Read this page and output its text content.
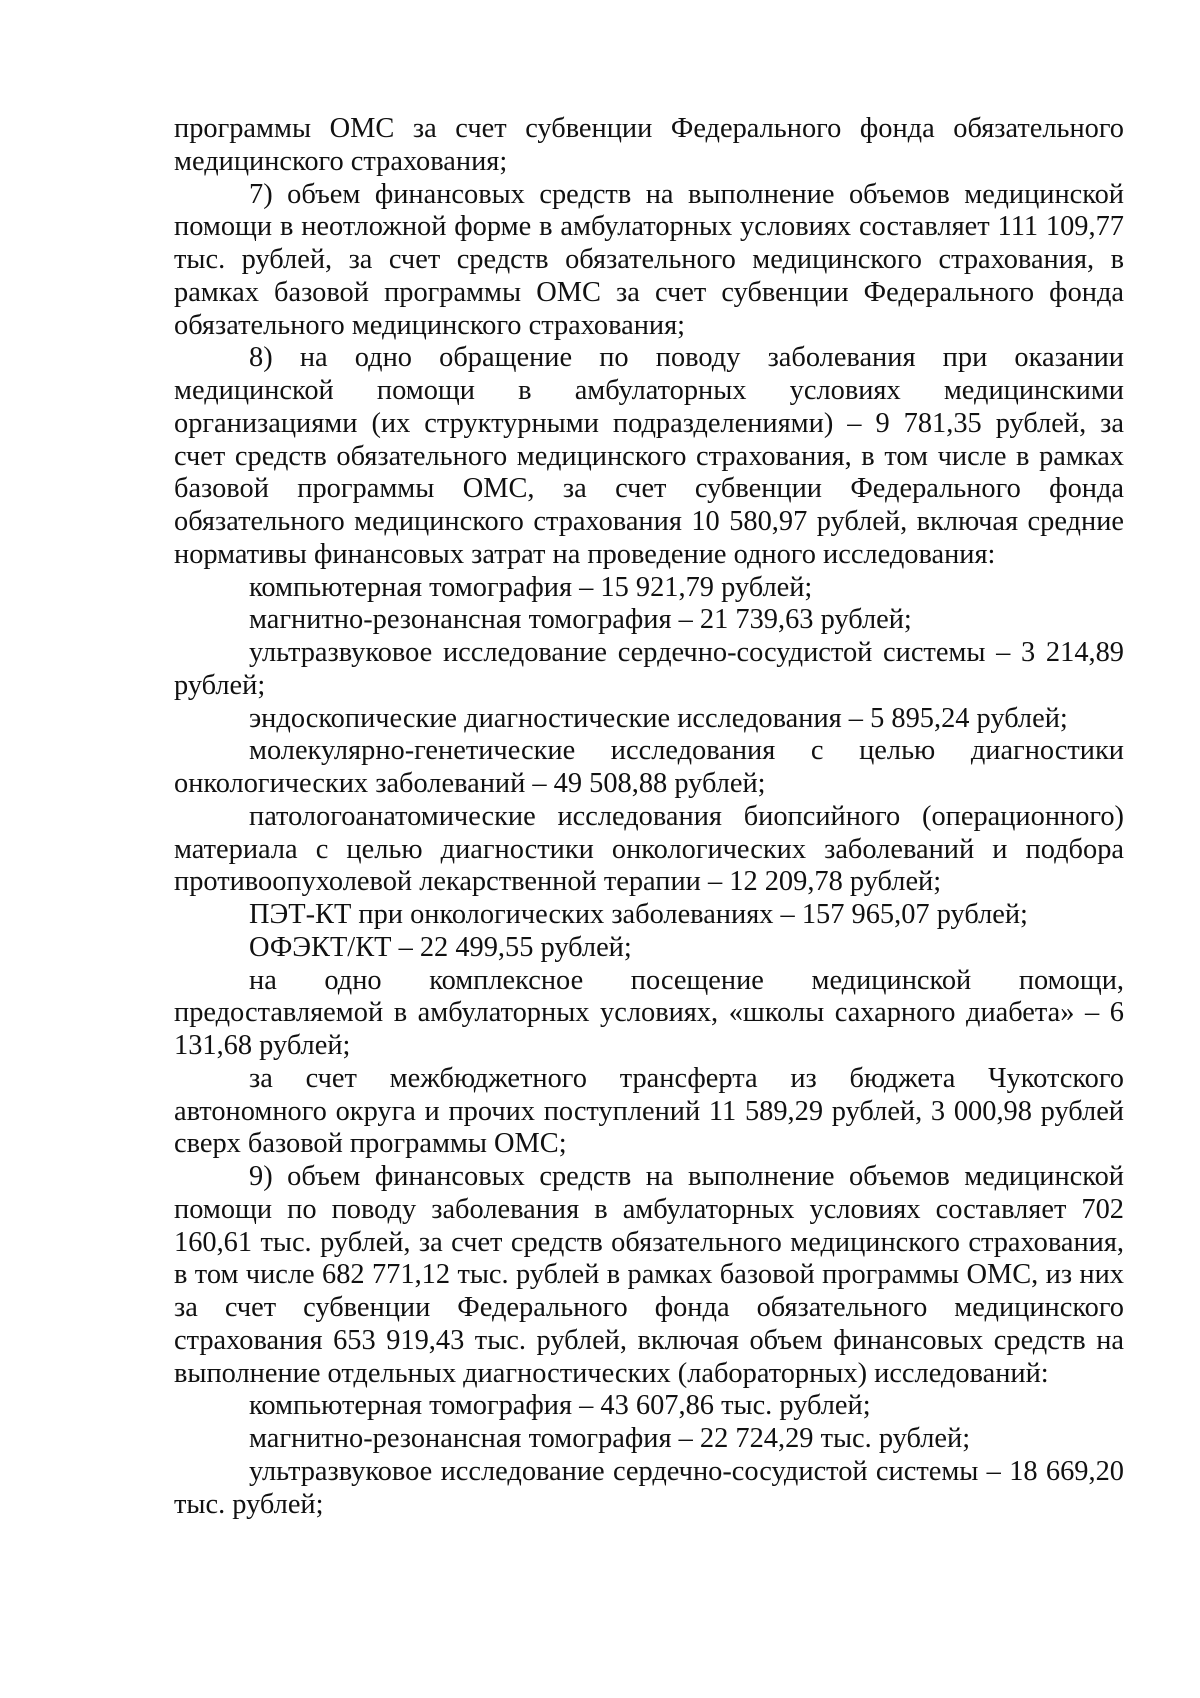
программы ОМС за счет субвенции Федерального фонда обязательного медицинского страхования;

7) объем финансовых средств на выполнение объемов медицинской помощи в неотложной форме в амбулаторных условиях составляет 111 109,77 тыс. рублей, за счет средств обязательного медицинского страхования, в рамках базовой программы ОМС за счет субвенции Федерального фонда обязательного медицинского страхования;

8) на одно обращение по поводу заболевания при оказании медицинской помощи в амбулаторных условиях медицинскими организациями (их структурными подразделениями) – 9 781,35 рублей, за счет средств обязательного медицинского страхования, в том числе в рамках базовой программы ОМС, за счет субвенции Федерального фонда обязательного медицинского страхования 10 580,97 рублей, включая средние нормативы финансовых затрат на проведение одного исследования:

компьютерная томография – 15 921,79 рублей;

магнитно-резонансная томография – 21 739,63 рублей;

ультразвуковое исследование сердечно-сосудистой системы – 3 214,89 рублей;

эндоскопические диагностические исследования – 5 895,24 рублей;

молекулярно-генетические исследования с целью диагностики онкологических заболеваний – 49 508,88 рублей;

патологоанатомические исследования биопсийного (операционного) материала с целью диагностики онкологических заболеваний и подбора противоопухолевой лекарственной терапии – 12 209,78 рублей;

ПЭТ-КТ при онкологических заболеваниях – 157 965,07 рублей;

ОФЭКТ/КТ – 22 499,55 рублей;

на одно комплексное посещение медицинской помощи, предоставляемой в амбулаторных условиях, «школы сахарного диабета» – 6 131,68 рублей;

за счет межбюджетного трансферта из бюджета Чукотского автономного округа и прочих поступлений 11 589,29 рублей, 3 000,98 рублей сверх базовой программы ОМС;

9) объем финансовых средств на выполнение объемов медицинской помощи по поводу заболевания в амбулаторных условиях составляет 702 160,61 тыс. рублей, за счет средств обязательного медицинского страхования, в том числе 682 771,12 тыс. рублей в рамках базовой программы ОМС, из них за счет субвенции Федерального фонда обязательного медицинского страхования 653 919,43 тыс. рублей, включая объем финансовых средств на выполнение отдельных диагностических (лабораторных) исследований:

компьютерная томография – 43 607,86 тыс. рублей;

магнитно-резонансная томография – 22 724,29 тыс. рублей;

ультразвуковое исследование сердечно-сосудистой системы – 18 669,20 тыс. рублей;
